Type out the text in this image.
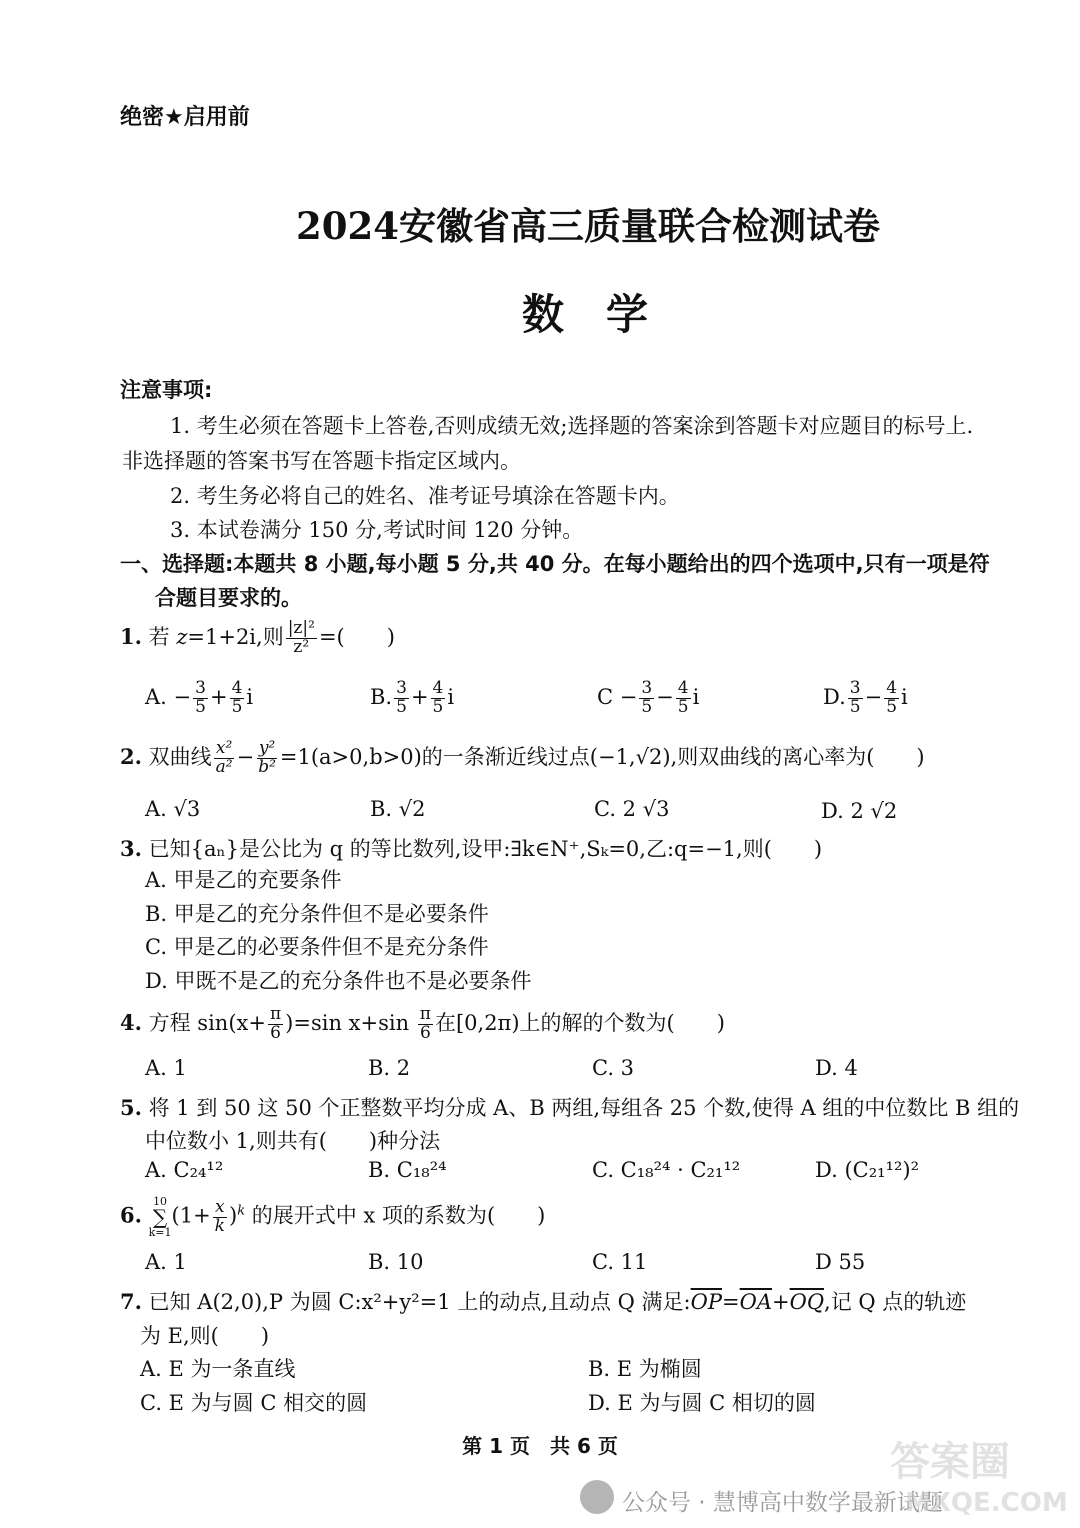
绝密★启用前
2024安徽省高三质量联合检测试卷
数　学
注意事项:
1. 考生必须在答题卡上答卷,否则成绩无效;选择题的答案涂到答题卡对应题目的标号上.
非选择题的答案书写在答题卡指定区域内。
2. 考生务必将自己的姓名、准考证号填涂在答题卡内。
3. 本试卷满分 150 分,考试时间 120 分钟。
一、选择题:本题共 8 小题,每小题 5 分,共 40 分。在每小题给出的四个选项中,只有一项是符
合题目要求的。
1. 若 z=1+2i,则 $\frac{\text{|z|²}}{\text{z²}}$ =(　　)
A. − $\frac{3}{5} + \frac{4}{5}$ i	B. $\frac{3}{5} + \frac{4}{5}$ i	$C - \frac{3}{5} - \frac{4}{5}$ i	D. $\frac{3}{5} - \frac{4}{5}$ i
2. 双曲线 $\frac{\text{x²}}{\text{a²}} - \frac{\text{y²}}{\text{b²}} =1(a>0,b>0)$的一条渐近线过点(−1,√2),则双曲线的离心率为(　　)
A. √3	B. √2	C. 2 √3	D. 2 √2
3. 已知{aₙ}是公比为 q 的等比数列,设甲:∃k∈N⁺,Sₖ=0,乙:q=−1,则(　　)
A. 甲是乙的充要条件
B. 甲是乙的充分条件但不是必要条件
C. 甲是乙的必要条件但不是充分条件
D. 甲既不是乙的充分条件也不是必要条件
4. 方程 $\sin(x+ \frac{\pi}{6} )=\sin$ $x+\sin \frac{\pi}{6}$ 在[0,2π)上的解的个数为(　　)
A. 1	B. 2	C. 3	D. 4
5. 将 1 到 50 这 50 个正整数平均分成 A、B 两组,每组各 25 个数,使得 A 组的中位数比 B 组的
中位数小 1,则共有(　　)种分法
A. C₂₄¹²	B. C₁₈²⁴	C. C₁₈²⁴ · C₂₁¹²	D. (C₂₁¹²)²
6.
10
∑
k=1
$(1+ \frac{x}{k} )^k$ 的展开式中 x 项的系数为(　　)
A. 1	B. 10	C. 11	D 55
7. 已知 A(2,0),P 为圆 C:x²+y²=1 上的动点,且动点 Q 满足$:\overline{OP}=\overline{OA}+\overline{OQ}$,记 Q 点的轨迹
为 E,则(　　)
A. E 为一条直线	B. E 为椭圆
C. E 为与圆 C 相交的圆	D. E 为与圆 C 相切的圆
第 1 页　共 6 页
公众号 · 慧博高中数学最新试题
答案圈
MXQE.COM
